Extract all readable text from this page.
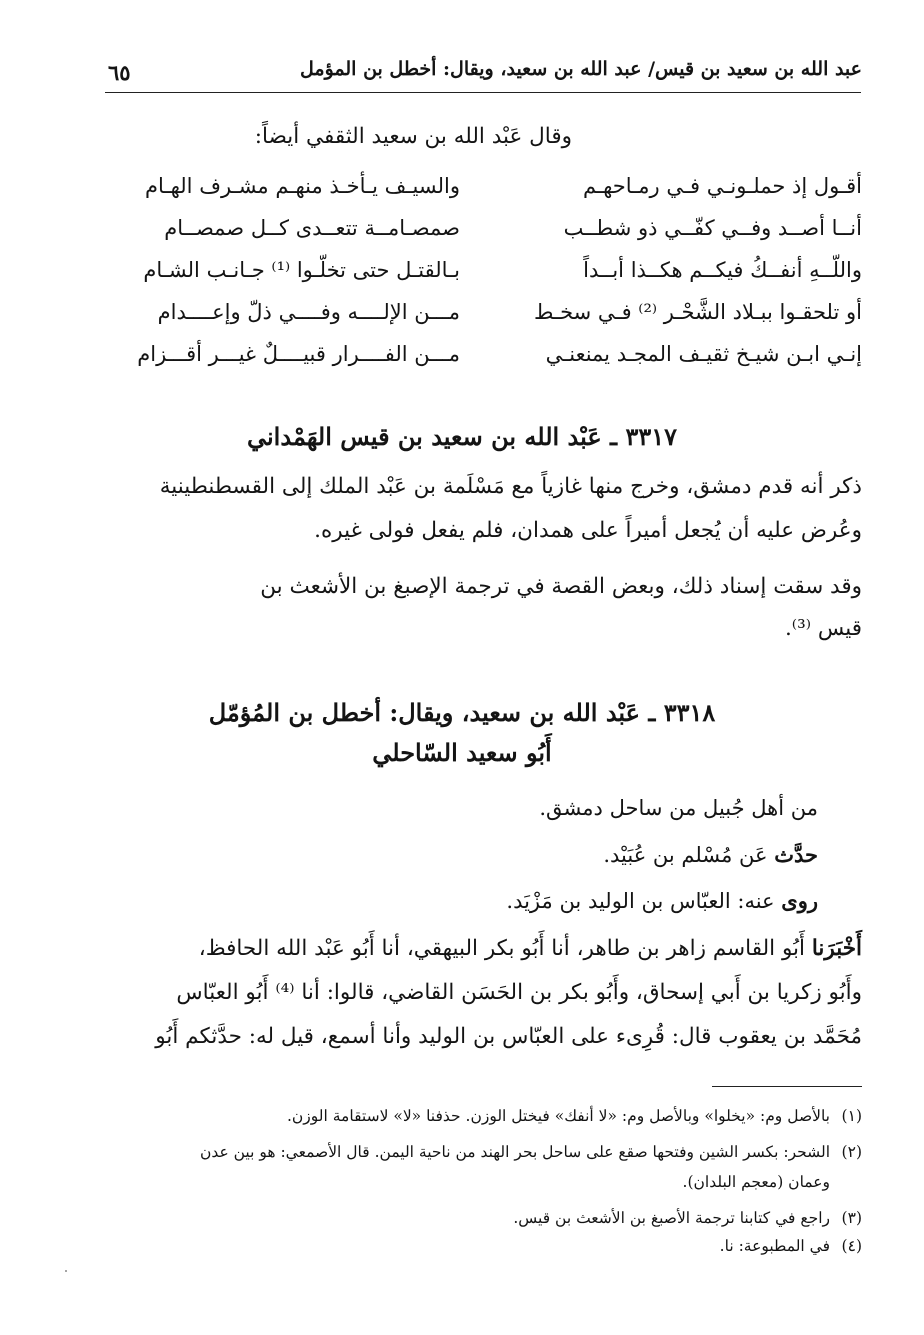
عبد الله بن سعيد بن قيس/ عبد الله بن سعيد، ويقال: أخطل بن المؤمل
٦٥
وقال عَبْد الله بن سعيد الثقفي أيضاً:
أقـول إذ حملـونـي فـي رمـاحهـم
والسيـف يـأخـذ منهـم مشـرف الهـام
أنــا أصــد وفــي كفّــي ذو شطــب
صمصـامــة تتعــدى كــل صمصــام
واللّــهِ أنفــكُ فيكــم هكــذا أبــداً
بـالقتـل حتى تخلّـوا ⁽¹⁾ جـانـب الشـام
أو تلحقـوا ببـلاد الشَّحْـر ⁽²⁾ فـي سخـط
مـــن الإلــــه وفــــي ذلّ وإعــــدام
إنـي ابـن شيـخ ثقيـف المجـد يمنعنـي
مـــن الفــــرار قبيــــلٌ غيـــر أقـــزام
٣٣١٧ ـ عَبْد الله بن سعيد بن قيس الهَمْداني
ذكر أنه قدم دمشق، وخرج منها غازياً مع مَسْلَمة بن عَبْد الملك إلى القسطنطينية
وعُرض عليه أن يُجعل أميراً على همدان، فلم يفعل فولى غيره.
وقد سقت إسناد ذلك، وبعض القصة في ترجمة الإصبغ بن الأشعث بن
قيس ⁽³⁾.
٣٣١٨ ـ عَبْد الله بن سعيد، ويقال: أخطل بن المُؤمّل
أَبُو سعيد السّاحلي
من أهل جُبيل من ساحل دمشق.
حدَّث عَن مُسْلم بن عُبَيْد.
روى عنه: العبّاس بن الوليد بن مَزْيَد.
أَخْبَرَنا أَبُو القاسم زاهر بن طاهر، أنا أَبُو بكر البيهقي، أنا أَبُو عَبْد الله الحافظ،
وأَبُو زكريا بن أَبي إسحاق، وأَبُو بكر بن الحَسَن القاضي، قالوا: أنا ⁽⁴⁾ أَبُو العبّاس
مُحَمَّد بن يعقوب قال: قُرِىء على العبّاس بن الوليد وأنا أسمع، قيل له: حدَّثكم أَبُو
(١)بالأصل وم: «يخلوا» وبالأصل وم: «لا أنفك» فيختل الوزن. حذفنا «لا» لاستقامة الوزن.
(٢)الشحر: بكسر الشين وفتحها صقع على ساحل بحر الهند من ناحية اليمن. قال الأصمعي: هو بين عدن
وعمان (معجم البلدان).
(٣)راجع في كتابنا ترجمة الأصبغ بن الأشعث بن قيس.
(٤)في المطبوعة: نا.
